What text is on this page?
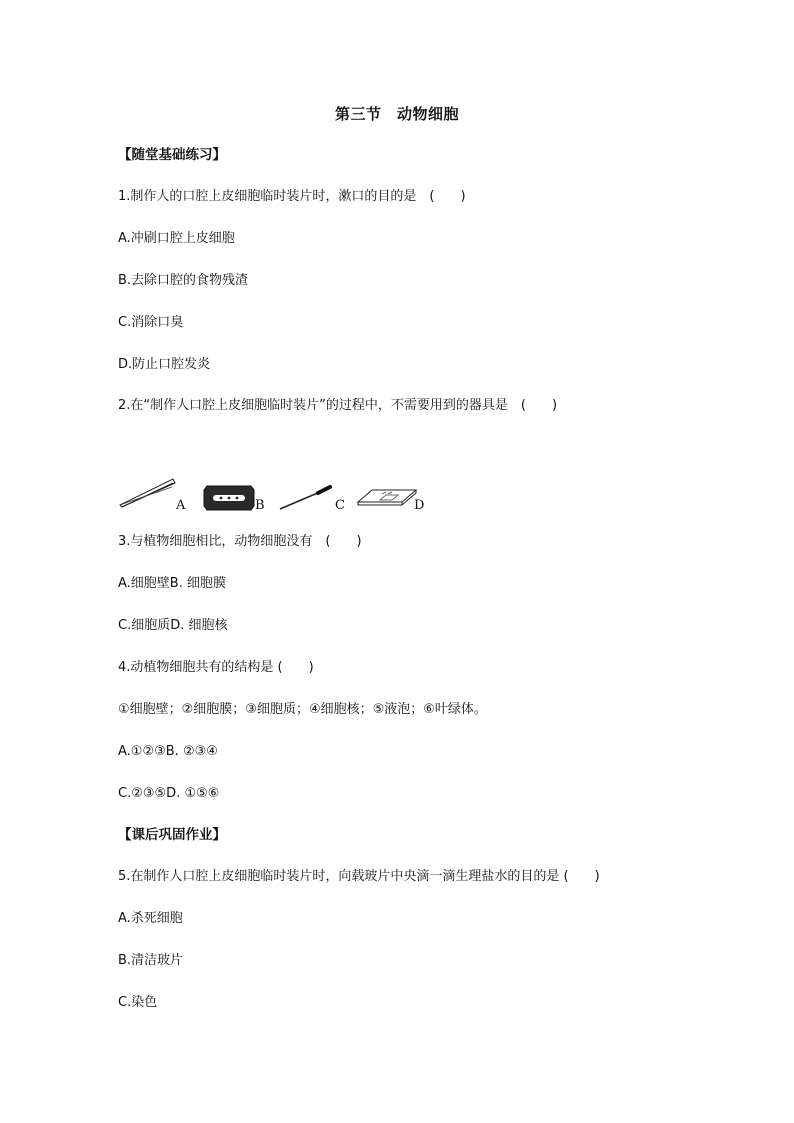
第三节　动物细胞
【随堂基础练习】
1.制作人的口腔上皮细胞临时装片时，漱口的目的是　(　　)
A.冲刷口腔上皮细胞
B.去除口腔的食物残渣
C.消除口臭
D.防止口腔发炎
2.在“制作人口腔上皮细胞临时装片”的过程中，不需要用到的器具是　(　　)
A	B	C	D
3.与植物细胞相比，动物细胞没有　(　　)
A.细胞壁B. 细胞膜
C.细胞质D. 细胞核
4.动植物细胞共有的结构是 (　　)
①细胞壁；②细胞膜；③细胞质；④细胞核；⑤液泡；⑥叶绿体。
A.①②③B. ②③④
C.②③⑤D. ①⑤⑥
【课后巩固作业】
5.在制作人口腔上皮细胞临时装片时，向载玻片中央滴一滴生理盐水的目的是 (　　)
A.杀死细胞
B.清洁玻片
C.染色
